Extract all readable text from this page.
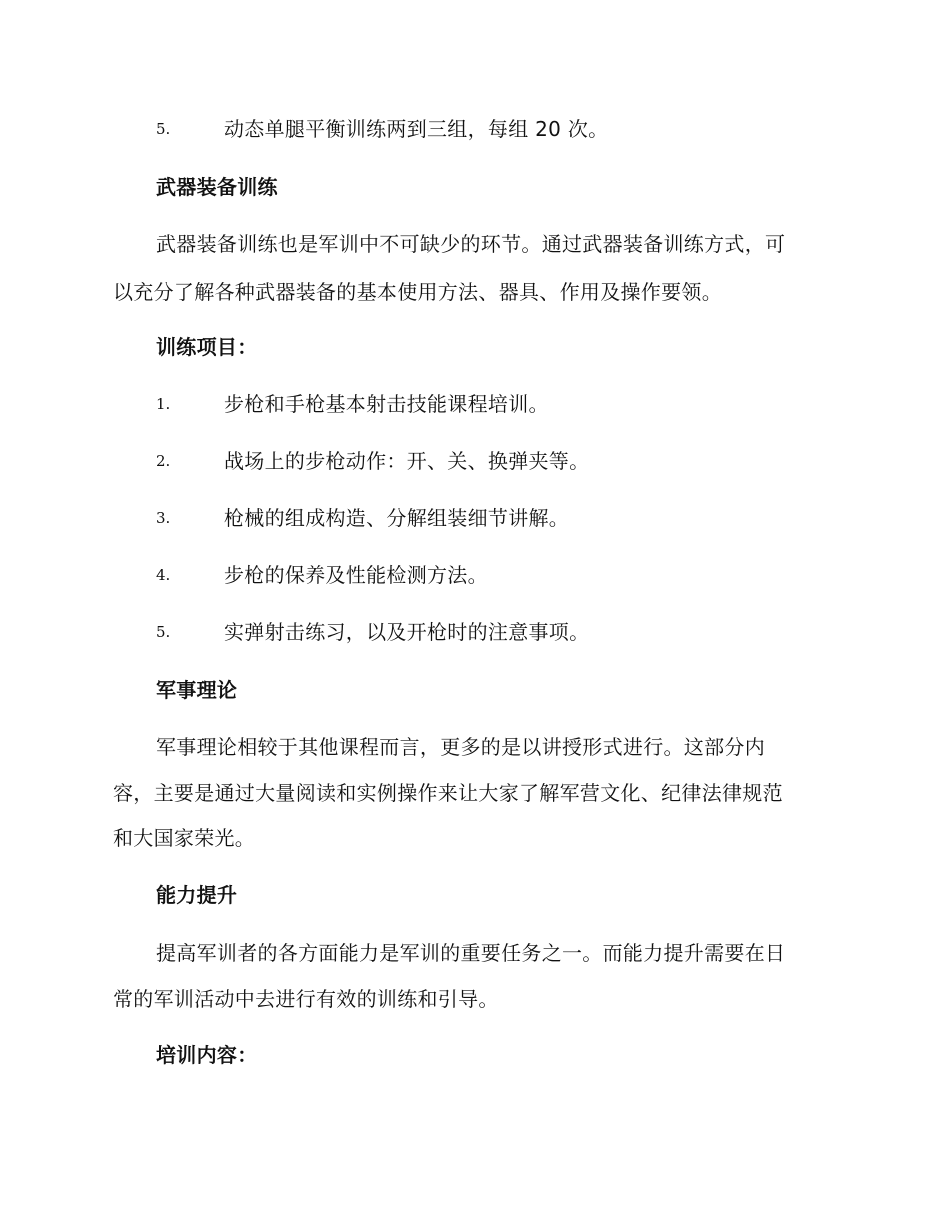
5.	动态单腿平衡训练两到三组，每组 20 次。
武器装备训练
武器装备训练也是军训中不可缺少的环节。通过武器装备训练方式，可
以充分了解各种武器装备的基本使用方法、器具、作用及操作要领。
训练项目：
1.	步枪和手枪基本射击技能课程培训。
2.	战场上的步枪动作：开、关、换弹夹等。
3.	枪械的组成构造、分解组装细节讲解。
4.	步枪的保养及性能检测方法。
5.	实弹射击练习，以及开枪时的注意事项。
军事理论
军事理论相较于其他课程而言，更多的是以讲授形式进行。这部分内
容，主要是通过大量阅读和实例操作来让大家了解军营文化、纪律法律规范
和大国家荣光。
能力提升
提高军训者的各方面能力是军训的重要任务之一。而能力提升需要在日
常的军训活动中去进行有效的训练和引导。
培训内容：
